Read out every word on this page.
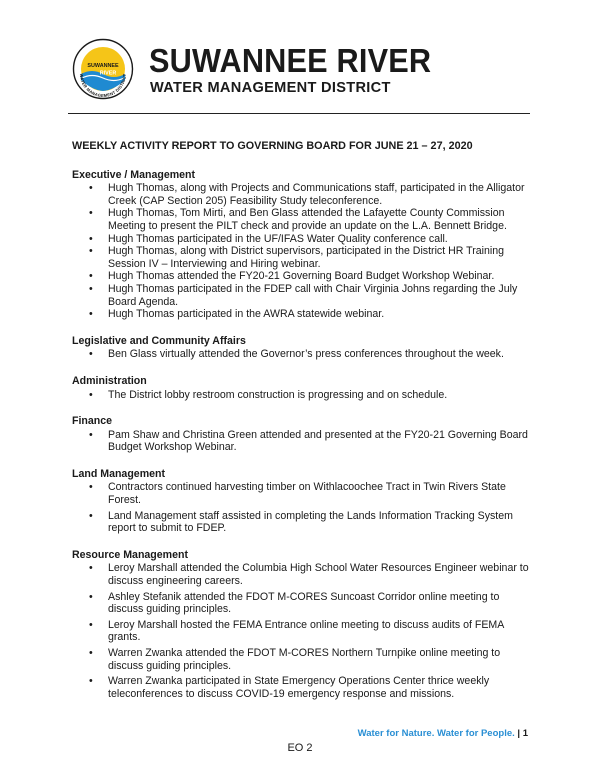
SUWANNEE
RIVER
WATER MANAGEMENT DISTRICT SUWANNEE RIVER
WATER MANAGEMENT DISTRICT
WEEKLY ACTIVITY REPORT TO GOVERNING BOARD FOR JUNE 21 – 27, 2020
Executive / Management
• Hugh Thomas, along with Projects and Communications staff, participated in the Alligator Creek (CAP Section 205) Feasibility Study teleconference.
• Hugh Thomas, Tom Mirti, and Ben Glass attended the Lafayette County Commission Meeting to present the PILT check and provide an update on the L.A. Bennett Bridge.
• Hugh Thomas participated in the UF/IFAS Water Quality conference call.
• Hugh Thomas, along with District supervisors, participated in the District HR Training Session IV – Interviewing and Hiring webinar.
• Hugh Thomas attended the FY20-21 Governing Board Budget Workshop Webinar.
• Hugh Thomas participated in the FDEP call with Chair Virginia Johns regarding the July Board Agenda.
• Hugh Thomas participated in the AWRA statewide webinar.
Legislative and Community Affairs
• Ben Glass virtually attended the Governor’s press conferences throughout the week.
Administration
• The District lobby restroom construction is progressing and on schedule.
Finance
• Pam Shaw and Christina Green attended and presented at the FY20-21 Governing Board Budget Workshop Webinar.
Land Management
• Contractors continued harvesting timber on Withlacoochee Tract in Twin Rivers State Forest.
• Land Management staff assisted in completing the Lands Information Tracking System report to submit to FDEP.
Resource Management
• Leroy Marshall attended the Columbia High School Water Resources Engineer webinar to discuss engineering careers.
• Ashley Stefanik attended the FDOT M-CORES Suncoast Corridor online meeting to discuss guiding principles.
• Leroy Marshall hosted the FEMA Entrance online meeting to discuss audits of FEMA grants.
• Warren Zwanka attended the FDOT M-CORES Northern Turnpike online meeting to discuss guiding principles.
• Warren Zwanka participated in State Emergency Operations Center thrice weekly teleconferences to discuss COVID-19 emergency response and missions.
Water for Nature. Water for People. | 1
EO 2
